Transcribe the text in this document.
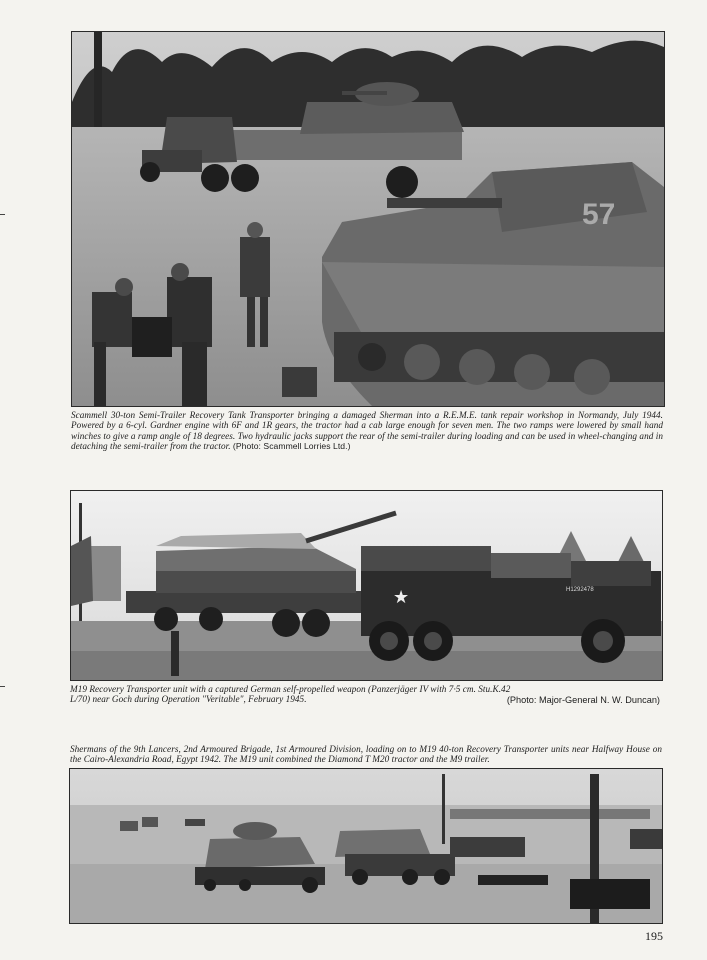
57
Scammell 30-ton Semi-Trailer Recovery Tank Transporter bringing a damaged Sherman into a R.E.M.E. tank repair workshop in Normandy, July 1944. Powered by a 6-cyl. Gardner engine with 6F and 1R gears, the tractor had a cab large enough for seven men. The two ramps were lowered by small hand winches to give a ramp angle of 18 degrees. Two hydraulic jacks support the rear of the semi-trailer during loading and can be used in wheel-changing and in detaching the semi-trailer from the tractor. (Photo: Scammell Lorries Ltd.)
★	H1292478
M19 Recovery Transporter unit with a captured German self-propelled weapon (Panzerjäger IV with 7·5 cm. Stu.K.42 L/70) near Goch during Operation "Veritable", February 1945.	(Photo: Major-General N. W. Duncan)
Shermans of the 9th Lancers, 2nd Armoured Brigade, 1st Armoured Division, loading on to M19 40-ton Recovery Transporter units near Halfway House on the Cairo-Alexandria Road, Egypt 1942. The M19 unit combined the Diamond T M20 tractor and the M9 trailer.
195
